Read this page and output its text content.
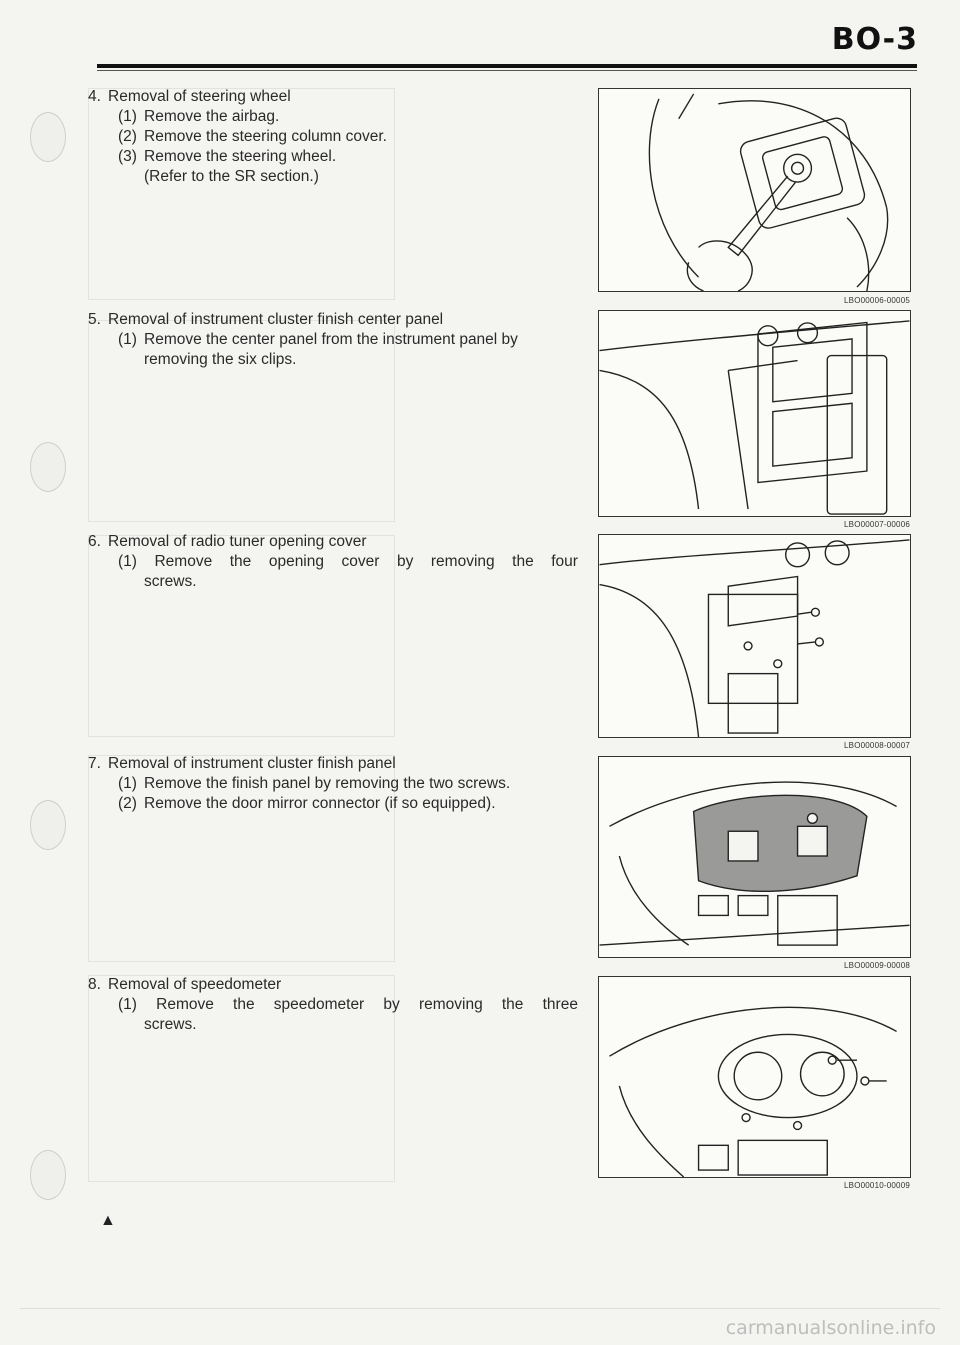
BO-3

4. Removal of steering wheel

(1) Remove the airbag.

(2) Remove the steering column cover.

(3) Remove the steering wheel.

(Refer to the SR section.)

5. Removal of instrument cluster finish center panel

(1) Remove the center panel from the instrument panel by

removing the six clips.

6. Removal of radio tuner opening cover

(1) Remove the opening cover by removing the four

screws.

7. Removal of instrument cluster finish panel

(1) Remove the finish panel by removing the two screws.

(2) Remove the door mirror connector (if so equipped).

8. Removal of speedometer

(1) Remove the speedometer by removing the three

screws.

LBO00006-00005
LBO00007-00006
LBO00008-00007
LBO00009-00008
LBO00010-00009
▲
carmanualsonline.info
